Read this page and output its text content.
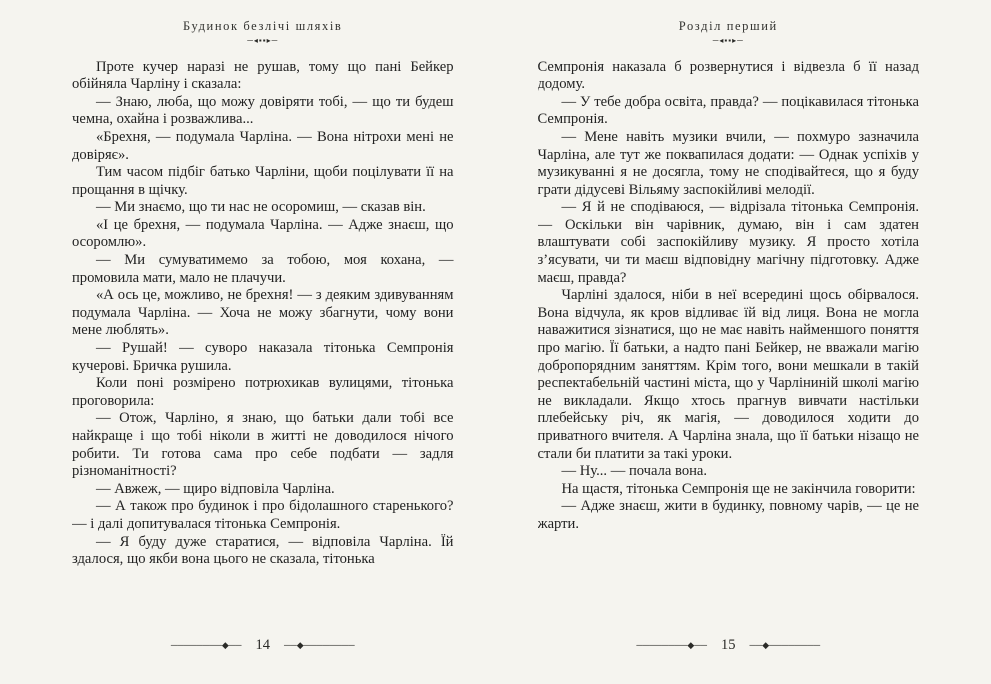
Будинок безлічі шляхів
─◂▪▪▸─

Проте кучер наразі не рушав, тому що пані Бейкер обійняла Чарліну і сказала:

— Знаю, люба, що можу довіряти тобі, — що ти будеш чемна, охайна і розважлива...

«Брехня, — подумала Чарліна. — Вона нітрохи мені не довіряє».

Тим часом підбіг батько Чарліни, щоби поцілувати її на прощання в щічку.

— Ми знаємо, що ти нас не осоромиш, — сказав він.

«І це брехня, — подумала Чарліна. — Адже знаєш, що осоромлю».

— Ми сумуватимемо за тобою, моя кохана, — промовила мати, мало не плачучи.

«А ось це, можливо, не брехня! — з деяким здивуванням подумала Чарліна. — Хоча не можу збагнути, чому вони мене люблять».

— Рушай! — суворо наказала тітонька Семпронія кучерові. Бричка рушила.

Коли поні розмірено потрюхикав вулицями, тітонька проговорила:

— Отож, Чарліно, я знаю, що батьки дали тобі все найкраще і що тобі ніколи в житті не доводилося нічого робити. Ти готова сама про себе подбати — задля різноманітності?

— Авжеж, — щиро відповіла Чарліна.

— А також про будинок і про бідолашного старенького? — і далі допитувалася тітонька Семпронія.

— Я буду дуже старатися, — відповіла Чарліна. Їй здалося, що якби вона цього не сказала, тітонька

────────◆── 14 ──◆────────
Розділ перший
─◂▪▪▸─

Семпронія наказала б розвернутися і відвезла б її назад додому.

— У тебе добра освіта, правда? — поцікавилася тітонька Семпронія.

— Мене навіть музики вчили, — похмуро зазначила Чарліна, але тут же поквапилася додати: — Однак успіхів у музикуванні я не досягла, тому не сподівайтеся, що я буду грати дідусеві Вільяму заспокійливі мелодії.

— Я й не сподіваюся, — відрізала тітонька Семпронія. — Оскільки він чарівник, думаю, він і сам здатен влаштувати собі заспокійливу музику. Я просто хотіла з’ясувати, чи ти маєш відповідну магічну підготовку. Адже маєш, правда?

Чарліні здалося, ніби в неї всередині щось обірвалося. Вона відчула, як кров відливає їй від лиця. Вона не могла наважитися зізнатися, що не має навіть найменшого поняття про магію. Її батьки, а надто пані Бейкер, не вважали магію добропорядним заняттям. Крім того, вони мешкали в такій респектабельній частині міста, що у Чарліниній школі магію не викладали. Якщо хтось прагнув вивчати настільки плебейську річ, як магія, — доводилося ходити до приватного вчителя. А Чарліна знала, що її батьки нізащо не стали би платити за такі уроки.

— Ну... — почала вона.

На щастя, тітонька Семпронія ще не закінчила говорити:

— Адже знаєш, жити в будинку, повному чарів, — це не жарти.

────────◆── 15 ──◆────────
